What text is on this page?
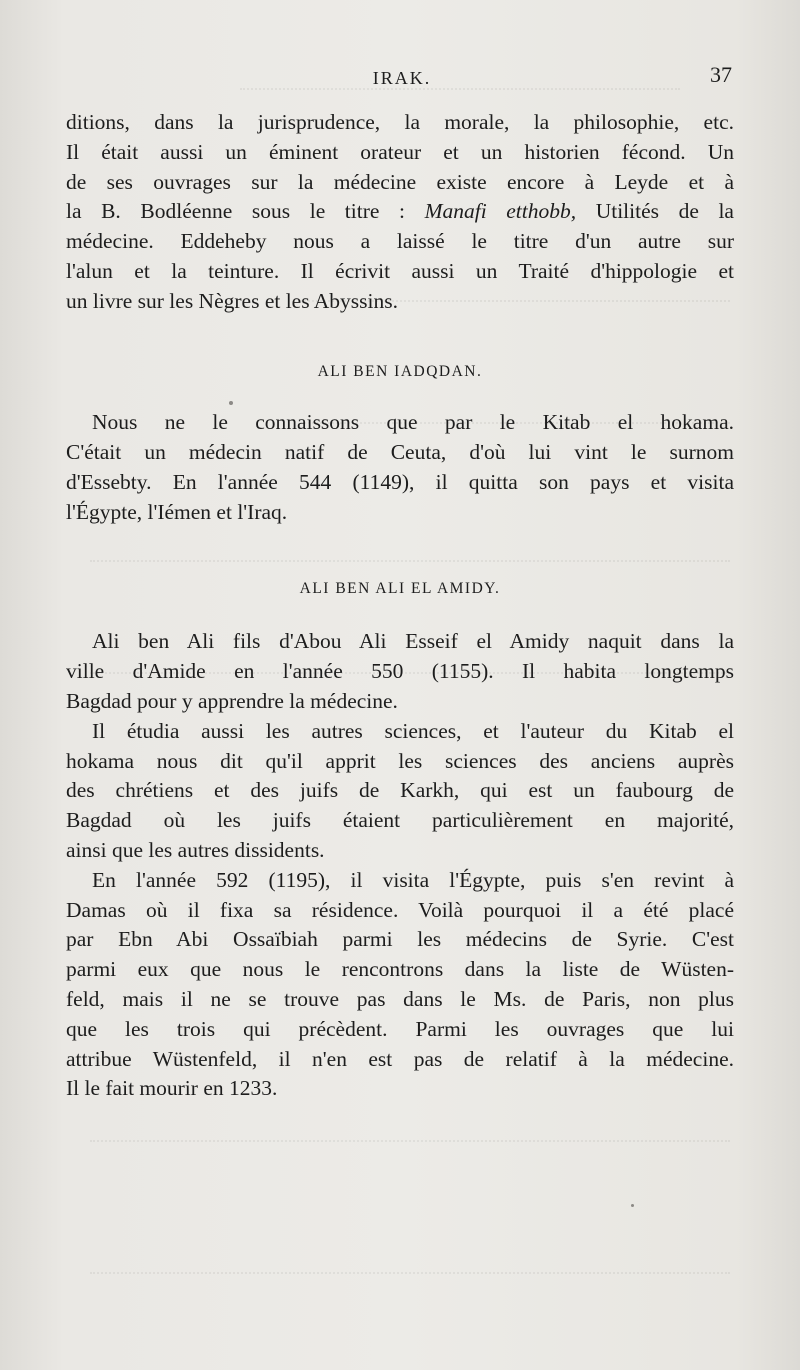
IRAK.	37
ditions, dans la jurisprudence, la morale, la philosophie, etc.
Il était aussi un éminent orateur et un historien fécond. Un
de ses ouvrages sur la médecine existe encore à Leyde et à
la B. Bodléenne sous le titre : Manafi etthobb, Utilités de la
médecine. Eddeheby nous a laissé le titre d'un autre sur
l'alun et la teinture. Il écrivit aussi un Traité d'hippologie et
un livre sur les Nègres et les Abyssins.
ALI BEN IADQDAN.
Nous ne le connaissons que par le Kitab el hokama.
C'était un médecin natif de Ceuta, d'où lui vint le surnom
d'Essebty. En l'année 544 (1149), il quitta son pays et visita
l'Égypte, l'Iémen et l'Iraq.
ALI BEN ALI EL AMIDY.
Ali ben Ali fils d'Abou Ali Esseif el Amidy naquit dans la
ville d'Amide en l'année 550 (1155). Il habita longtemps
Bagdad pour y apprendre la médecine.
Il étudia aussi les autres sciences, et l'auteur du Kitab el
hokama nous dit qu'il apprit les sciences des anciens auprès
des chrétiens et des juifs de Karkh, qui est un faubourg de
Bagdad où les juifs étaient particulièrement en majorité,
ainsi que les autres dissidents.
En l'année 592 (1195), il visita l'Égypte, puis s'en revint à
Damas où il fixa sa résidence. Voilà pourquoi il a été placé
par Ebn Abi Ossaïbiah parmi les médecins de Syrie. C'est
parmi eux que nous le rencontrons dans la liste de Wüsten-
feld, mais il ne se trouve pas dans le Ms. de Paris, non plus
que les trois qui précèdent. Parmi les ouvrages que lui
attribue Wüstenfeld, il n'en est pas de relatif à la médecine.
Il le fait mourir en 1233.
